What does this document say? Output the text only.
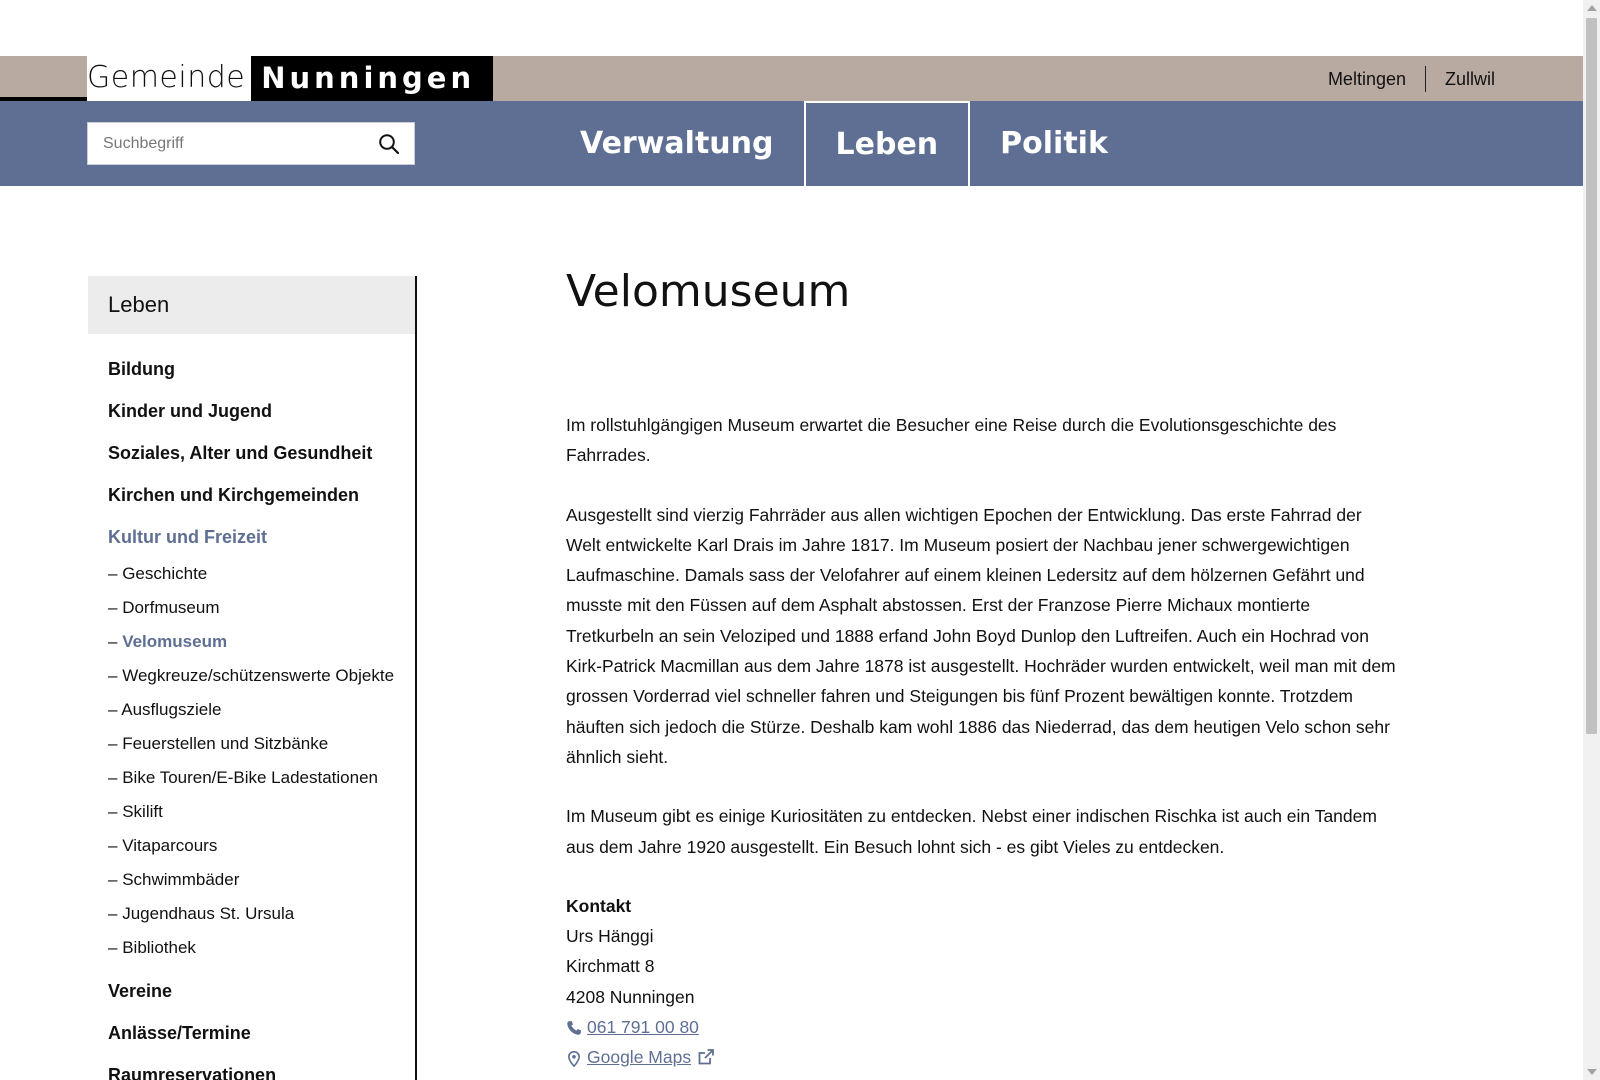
Gemeinde Nunningen	Meltingen	Zullwil
Suchbegriff
Verwaltung	Leben	Politik
Leben
Bildung
Kinder und Jugend
Soziales, Alter und Gesundheit
Kirchen und Kirchgemeinden
Kultur und Freizeit
– Geschichte
– Dorfmuseum
– Velomuseum
– Wegkreuze/schützenswerte Objekte
– Ausflugsziele
– Feuerstellen und Sitzbänke
– Bike Touren/E-Bike Ladestationen
– Skilift
– Vitaparcours
– Schwimmbäder
– Jugendhaus St. Ursula
– Bibliothek
Vereine
Anlässe/Termine
Raumreservationen
Velomuseum

Im rollstuhlgängigen Museum erwartet die Besucher eine Reise durch die Evolutionsgeschichte des Fahrrades.

Ausgestellt sind vierzig Fahrräder aus allen wichtigen Epochen der Entwicklung. Das erste Fahrrad der Welt entwickelte Karl Drais im Jahre 1817. Im Museum posiert der Nachbau jener schwergewichtigen Laufmaschine. Damals sass der Velofahrer auf einem kleinen Ledersitz auf dem hölzernen Gefährt und musste mit den Füssen auf dem Asphalt abstossen. Erst der Franzose Pierre Michaux montierte Tretkurbeln an sein Veloziped und 1888 erfand John Boyd Dunlop den Luftreifen. Auch ein Hochrad von Kirk-Patrick Macmillan aus dem Jahre 1878 ist ausgestellt. Hochräder wurden entwickelt, weil man mit dem grossen Vorderrad viel schneller fahren und Steigungen bis fünf Prozent bewältigen konnte. Trotzdem häuften sich jedoch die Stürze. Deshalb kam wohl 1886 das Niederrad, das dem heutigen Velo schon sehr ähnlich sieht.

Im Museum gibt es einige Kuriositäten zu entdecken. Nebst einer indischen Rischka ist auch ein Tandem aus dem Jahre 1920 ausgestellt. Ein Besuch lohnt sich - es gibt Vieles zu entdecken.

Kontakt
Urs Hänggi
Kirchmatt 8
4208 Nunningen
061 791 00 80
Google Maps
